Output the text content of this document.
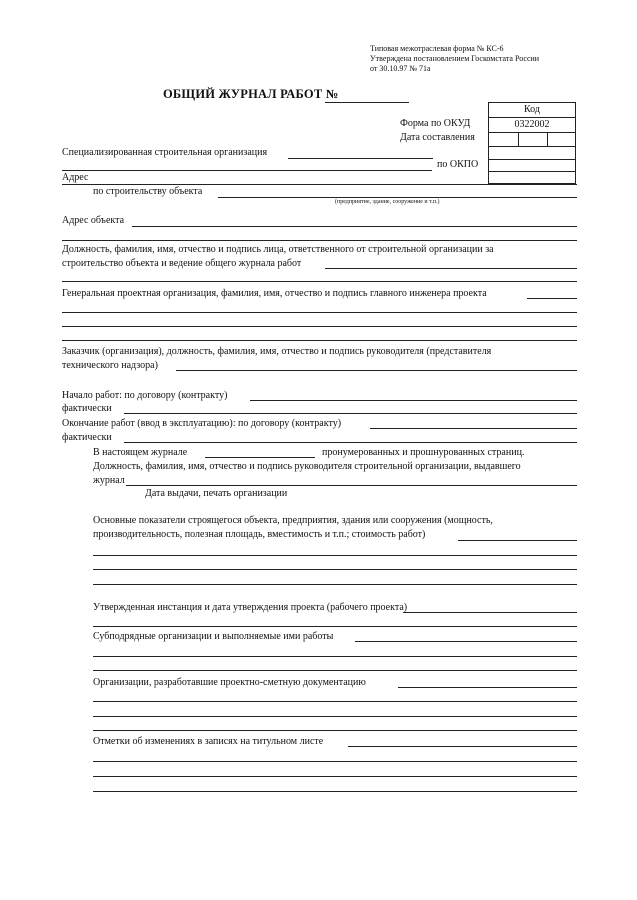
Типовая межотраслевая форма № КС-6
Утверждена постановлением Госкомстата России
от 30.10.97 № 71а
ОБЩИЙ ЖУРНАЛ РАБОТ №
Код
0322002
Форма по ОКУД
Дата составления
по ОКПО
Специализированная строительная организация
Адрес
по строительству объекта
(предприятие, здание, сооружение и т.п.)
Адрес объекта
Должность, фамилия, имя, отчество и подпись лица, ответственного от строительной организации за
строительство объекта и ведение общего журнала работ
Генеральная проектная организация, фамилия, имя, отчество и подпись главного инженера проекта
Заказчик (организация), должность, фамилия, имя, отчество и подпись руководителя (представителя
технического надзора)
Начало работ: по договору (контракту)
фактически
Окончание работ (ввод в эксплуатацию): по договору (контракту)
фактически
В настоящем журнале	пронумерованных и прошнурованных страниц.
Должность, фамилия, имя, отчество и подпись руководителя строительной организации, выдавшего
журнал
Дата выдачи, печать организации
Основные показатели строящегося объекта, предприятия, здания или сооружения (мощность,
производительность, полезная площадь, вместимость и т.п.; стоимость работ)
Утвержденная инстанция и дата утверждения проекта (рабочего проекта)
Субподрядные организации и выполняемые ими работы
Организации, разработавшие проектно-сметную документацию
Отметки об изменениях в записях на титульном листе
